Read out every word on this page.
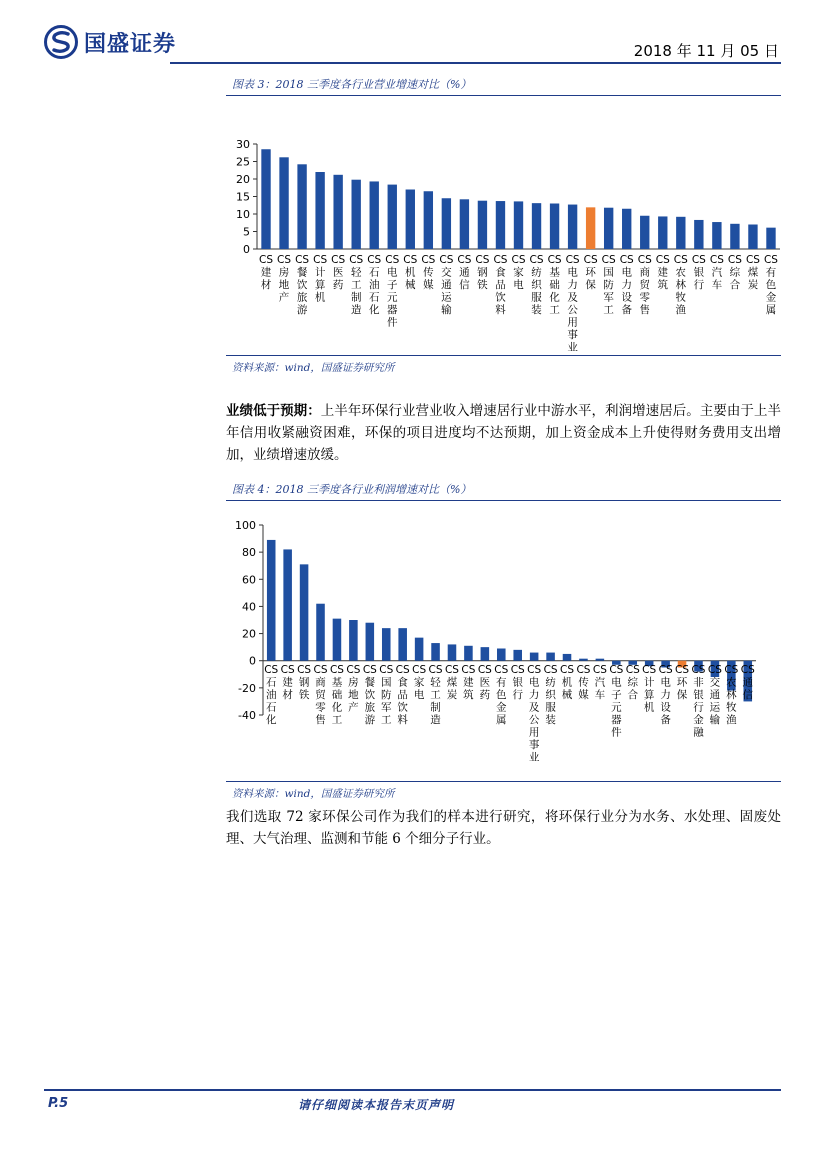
国盛证券	2018 年 11 月 05 日
图表 3：2018 三季度各行业营业增速对比（%）
0
5
10
15
20
25
30
CS 建材
CS 房地产
CS 餐饮旅游
CS 计算机
CS 医药
CS 轻工制造
CS 石油石化
CS 电子元器件
CS 机械
CS 传媒
CS 交通运输
CS 通信
CS 钢铁
CS 食品饮料
CS 家电
CS 纺织服装
CS 基础化工
CS 电力及公用事业
CS 环保
CS 国防军工
CS 电力设备
CS 商贸零售
CS 建筑
CS 农林牧渔
CS 银行
CS 汽车
CS 综合
CS 煤炭
CS 有色金属
资料来源：wind，国盛证券研究所
业绩低于预期：上半年环保行业营业收入增速居行业中游水平，利润增速居后。主要由于上半年信用收紧融资困难，环保的项目进度均不达预期，加上资金成本上升使得财务费用支出增加，业绩增速放缓。
图表 4：2018 三季度各行业利润增速对比（%）
-40
-20
0
20
40
60
80
100
CS 石油石化
CS 建材
CS 钢铁
CS 商贸零售
CS 基础化工
CS 房地产
CS 餐饮旅游
CS 国防军工
CS 食品饮料
CS 家电
CS 轻工制造
CS 煤炭
CS 建筑
CS 医药
CS 有色金属
CS 银行
CS 电力及公用事业
CS 纺织服装
CS 机械
CS 传媒
CS 汽车
CS 电子元器件
CS 综合
CS 计算机
CS 电力设备
CS 环保
CS 非银行金融
CS 交通运输
CS 农林牧渔
CS 通信
资料来源：wind，国盛证券研究所
我们选取 72 家环保公司作为我们的样本进行研究，将环保行业分为水务、水处理、固废处理、大气治理、监测和节能 6 个细分子行业。
P.5	请仔细阅读本报告末页声明
